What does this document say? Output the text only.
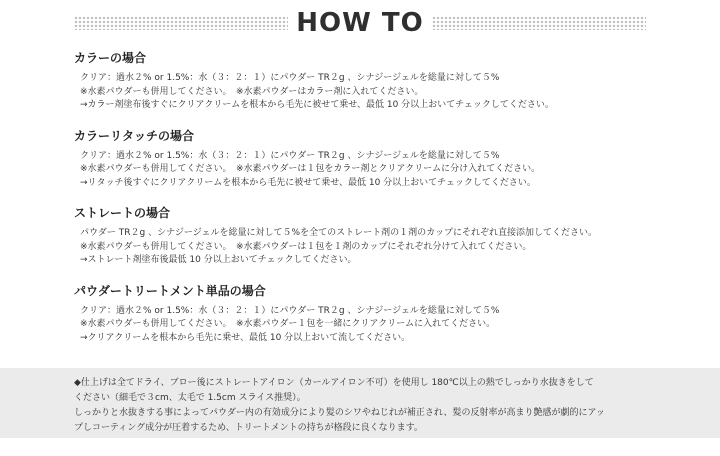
HOW TO
カラーの場合
クリア：過水２% or 1.5%：水（３：２：１）にパウダー TR２g 、シナジージェルを総量に対して５%
※水素パウダーも併用してください。　※水素パウダーはカラー剤に入れてください。
→カラー剤塗布後すぐにクリアクリームを根本から毛先に被せて乗せ、最低 10 分以上おいてチェックしてください。
カラーリタッチの場合
クリア：過水２% or 1.5%：水（３：２：１）にパウダー TR２g 、シナジージェルを総量に対して５%
※水素パウダーも併用してください。　※水素パウダーは１包をカラー剤とクリアクリームに分け入れてください。
→リタッチ後すぐにクリアクリームを根本から毛先に被せて乗せ、最低 10 分以上おいてチェックしてください。
ストレートの場合
パウダー TR２g 、シナジージェルを総量に対して５%を全てのストレート剤の１剤のカップにそれぞれ直接添加してください。
※水素パウダーも併用してください。　※水素パウダーは１包を１剤のカップにそれぞれ分けて入れてください。
→ストレート剤塗布後最低 10 分以上おいてチェックしてください。
パウダートリートメント単品の場合
クリア：過水２% or 1.5%：水（３：２：１）にパウダー TR２g 、シナジージェルを総量に対して５%
※水素パウダーも併用してください。　※水素パウダー１包を一緒にクリアクリームに入れてください。
→クリアクリームを根本から毛先に乗せ、最低 10 分以上おいて流してください。
◆仕上げは全てドライ、ブロー後にストレートアイロン（カールアイロン不可）を使用し 180℃以上の熱でしっかり水抜きをして
ください（細毛で３cm、太毛で 1.5cm スライス推奨）。
しっかりと水抜きする事によってパウダー内の有効成分により髪のシワやねじれが補正され、髪の反射率が高まり艶感が劇的にアッ
プしコーティング成分が圧着するため、トリートメントの持ちが格段に良くなります。
